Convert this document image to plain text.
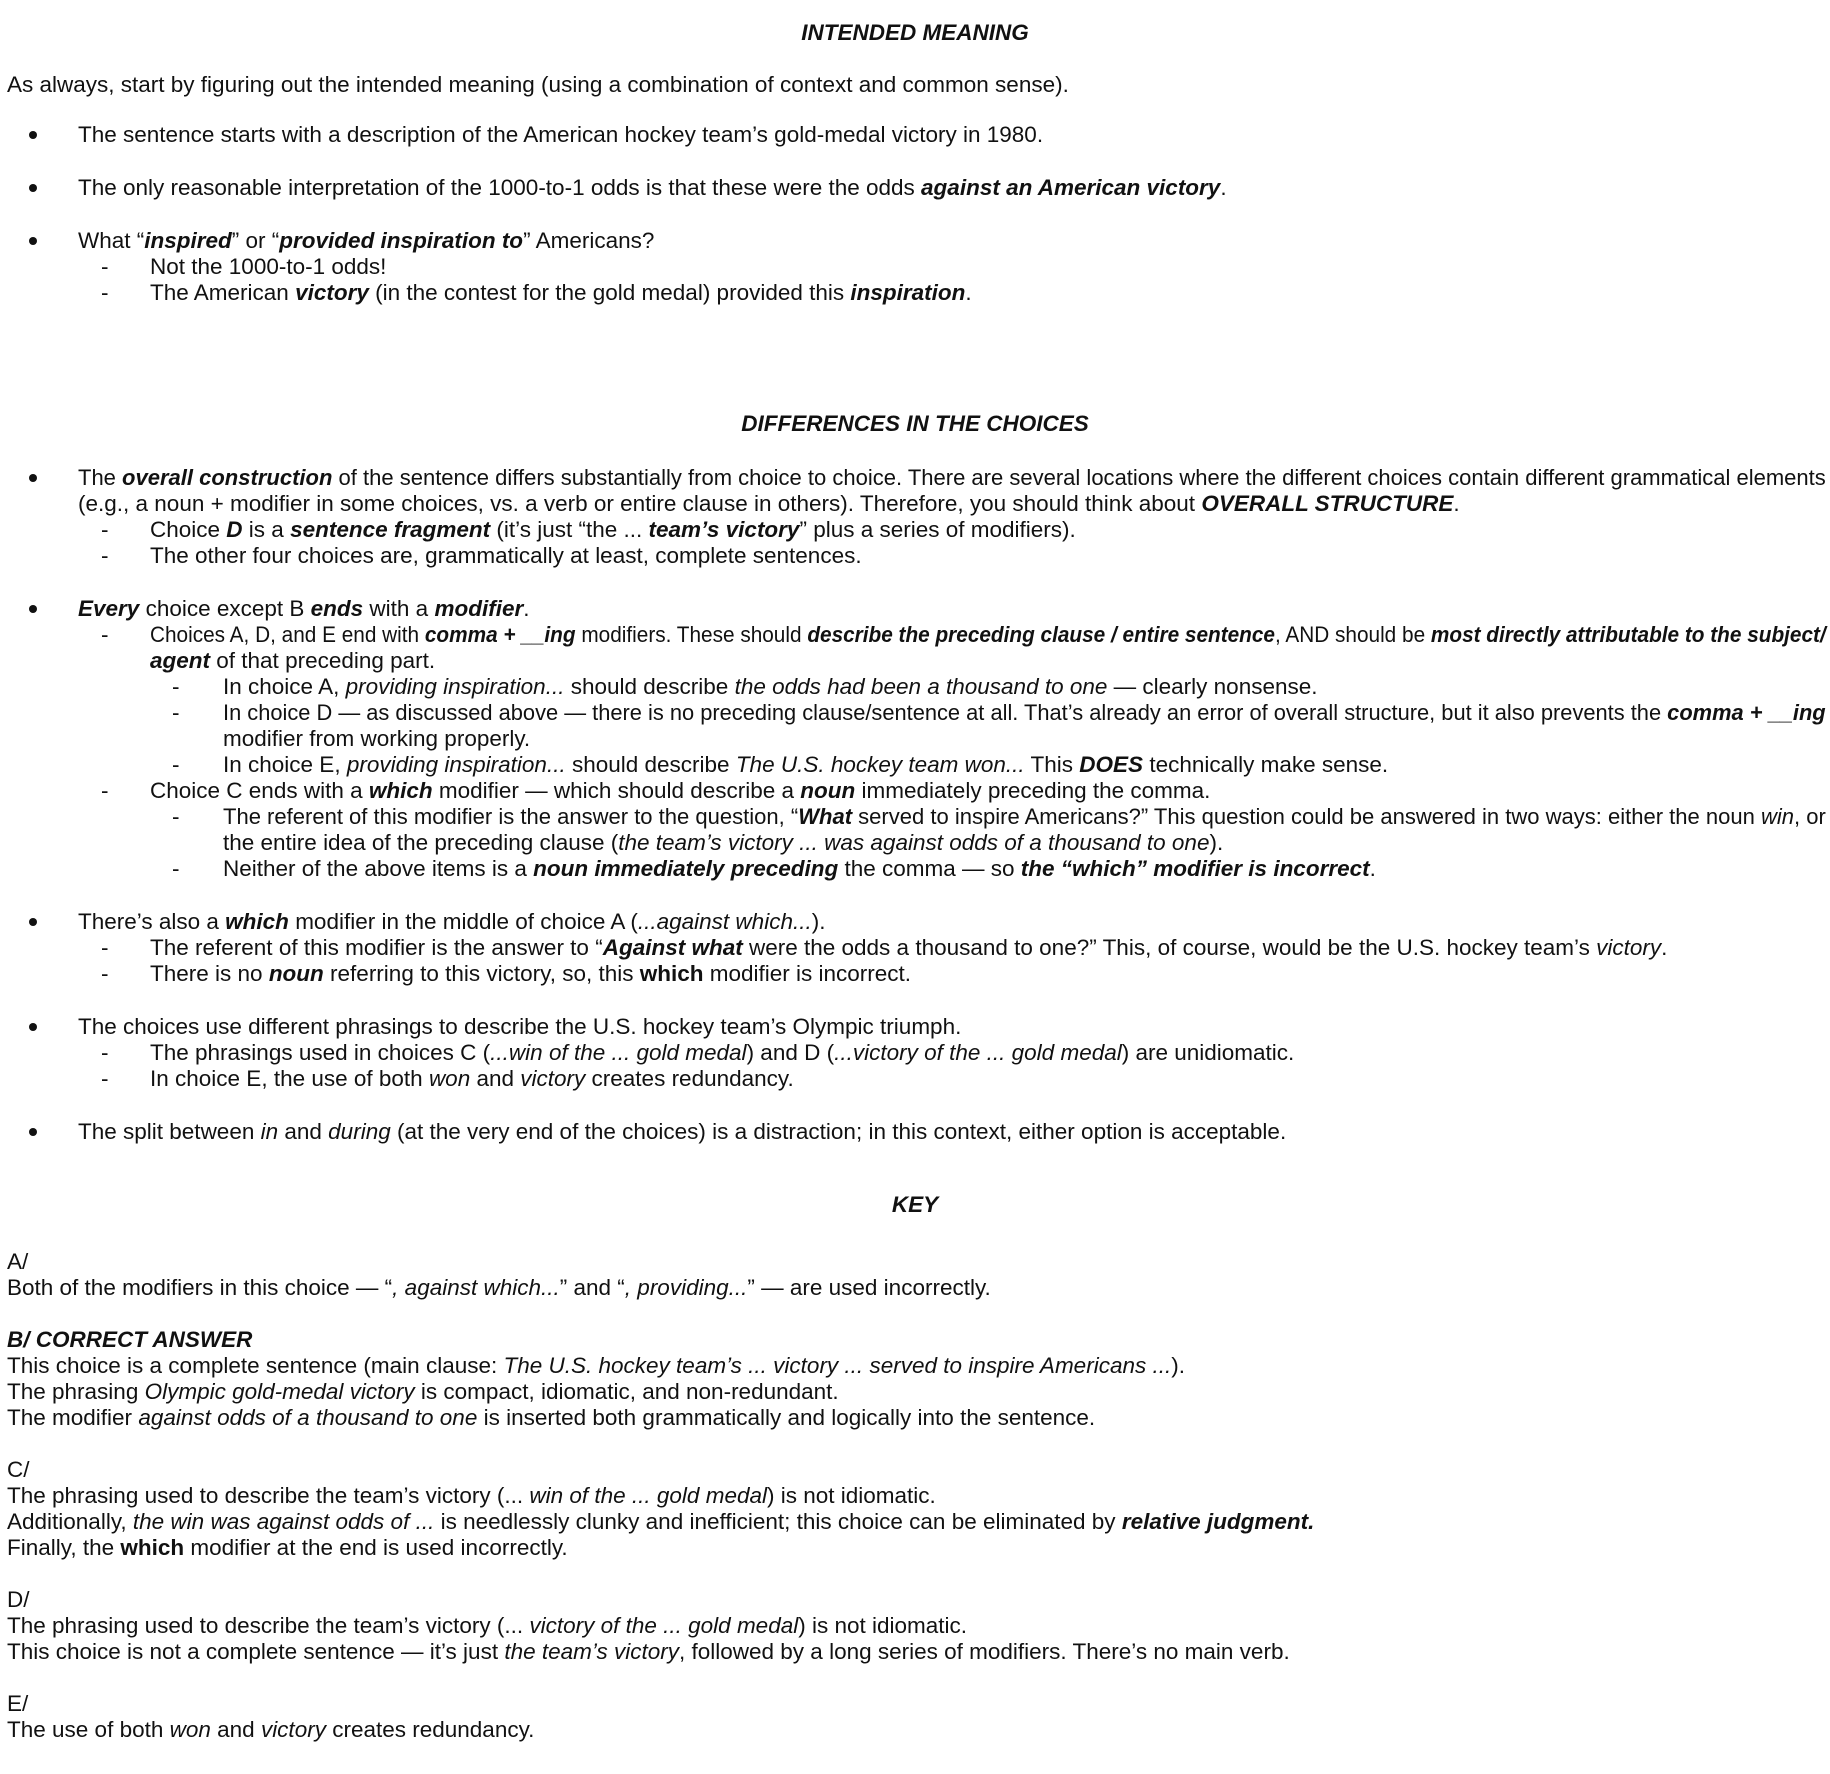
INTENDED MEANING
As always, start by figuring out the intended meaning (using a combination of context and common sense).
The sentence starts with a description of the American hockey team’s gold-medal victory in 1980.
The only reasonable interpretation of the 1000-to-1 odds is that these were the odds against an American victory.
What “inspired” or “provided inspiration to” Americans?
- Not the 1000-to-1 odds!
- The American victory (in the contest for the gold medal) provided this inspiration.
DIFFERENCES IN THE CHOICES
The overall construction of the sentence differs substantially from choice to choice. There are several locations where the different choices contain different grammatical elements
(e.g., a noun + modifier in some choices, vs. a verb or entire clause in others). Therefore, you should think about OVERALL STRUCTURE.
- Choice D is a sentence fragment (it’s just “the ... team’s victory” plus a series of modifiers).
- The other four choices are, grammatically at least, complete sentences.
Every choice except B ends with a modifier.
- Choices A, D, and E end with comma + __ing modifiers. These should describe the preceding clause / entire sentence, AND should be most directly attributable to the subject/
agent of that preceding part.
- In choice A, providing inspiration... should describe the odds had been a thousand to one — clearly nonsense.
- In choice D — as discussed above — there is no preceding clause/sentence at all. That’s already an error of overall structure, but it also prevents the comma + __ing
modifier from working properly.
- In choice E, providing inspiration... should describe The U.S. hockey team won... This DOES technically make sense.
- Choice C ends with a which modifier — which should describe a noun immediately preceding the comma.
- The referent of this modifier is the answer to the question, “What served to inspire Americans?” This question could be answered in two ways: either the noun win, or
the entire idea of the preceding clause (the team’s victory ... was against odds of a thousand to one).
- Neither of the above items is a noun immediately preceding the comma — so the “which” modifier is incorrect.
There’s also a which modifier in the middle of choice A (...against which...).
- The referent of this modifier is the answer to “Against what were the odds a thousand to one?” This, of course, would be the U.S. hockey team’s victory.
- There is no noun referring to this victory, so, this which modifier is incorrect.
The choices use different phrasings to describe the U.S. hockey team’s Olympic triumph.
- The phrasings used in choices C (...win of the ... gold medal) and D (...victory of the ... gold medal) are unidiomatic.
- In choice E, the use of both won and victory creates redundancy.
The split between in and during (at the very end of the choices) is a distraction; in this context, either option is acceptable.
KEY
A/
Both of the modifiers in this choice — “, against which...” and “, providing...” — are used incorrectly.
B/ CORRECT ANSWER
This choice is a complete sentence (main clause: The U.S. hockey team’s ... victory ... served to inspire Americans ...).
The phrasing Olympic gold-medal victory is compact, idiomatic, and non-redundant.
The modifier against odds of a thousand to one is inserted both grammatically and logically into the sentence.
C/
The phrasing used to describe the team’s victory (... win of the ... gold medal) is not idiomatic.
Additionally, the win was against odds of ... is needlessly clunky and inefficient; this choice can be eliminated by relative judgment.
Finally, the which modifier at the end is used incorrectly.
D/
The phrasing used to describe the team’s victory (... victory of the ... gold medal) is not idiomatic.
This choice is not a complete sentence — it’s just the team’s victory, followed by a long series of modifiers. There’s no main verb.
E/
The use of both won and victory creates redundancy.
